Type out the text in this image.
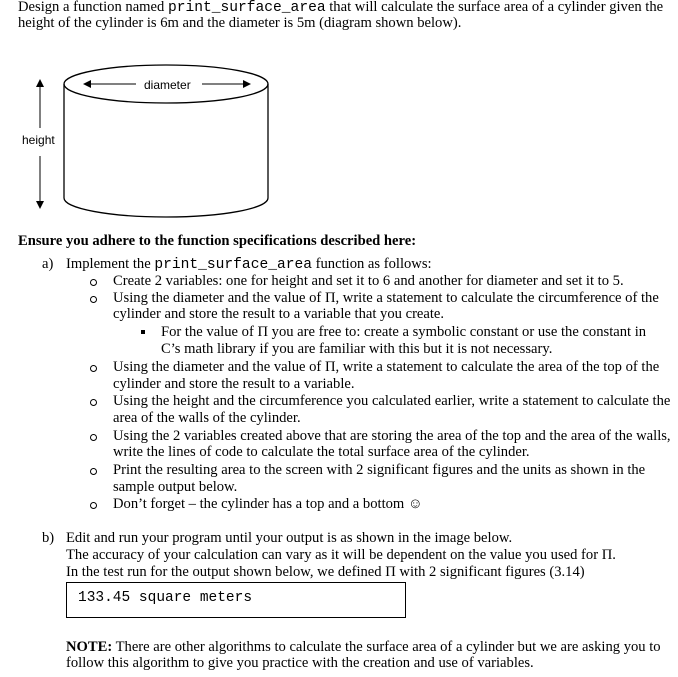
Design a function named print_surface_area that will calculate the surface area of a cylinder given the
height of the cylinder is 6m and the diameter is 5m (diagram shown below).
diameter
height
Ensure you adhere to the function specifications described here:
a) Implement the print_surface_area function as follows:
Create 2 variables: one for height and set it to 6 and another for diameter and set it to 5.
Using the diameter and the value of Π, write a statement to calculate the circumference of the
cylinder and store the result to a variable that you create.
For the value of Π you are free to: create a symbolic constant or use the constant in
C’s math library if you are familiar with this but it is not necessary.
Using the diameter and the value of Π, write a statement to calculate the area of the top of the
cylinder and store the result to a variable.
Using the height and the circumference you calculated earlier, write a statement to calculate the
area of the walls of the cylinder.
Using the 2 variables created above that are storing the area of the top and the area of the walls,
write the lines of code to calculate the total surface area of the cylinder.
Print the resulting area to the screen with 2 significant figures and the units as shown in the
sample output below.
Don’t forget – the cylinder has a top and a bottom ☺
b) Edit and run your program until your output is as shown in the image below.
The accuracy of your calculation can vary as it will be dependent on the value you used for Π.
In the test run for the output shown below, we defined Π with 2 significant figures (3.14)
133.45 square meters
NOTE: There are other algorithms to calculate the surface area of a cylinder but we are asking you to
follow this algorithm to give you practice with the creation and use of variables.
